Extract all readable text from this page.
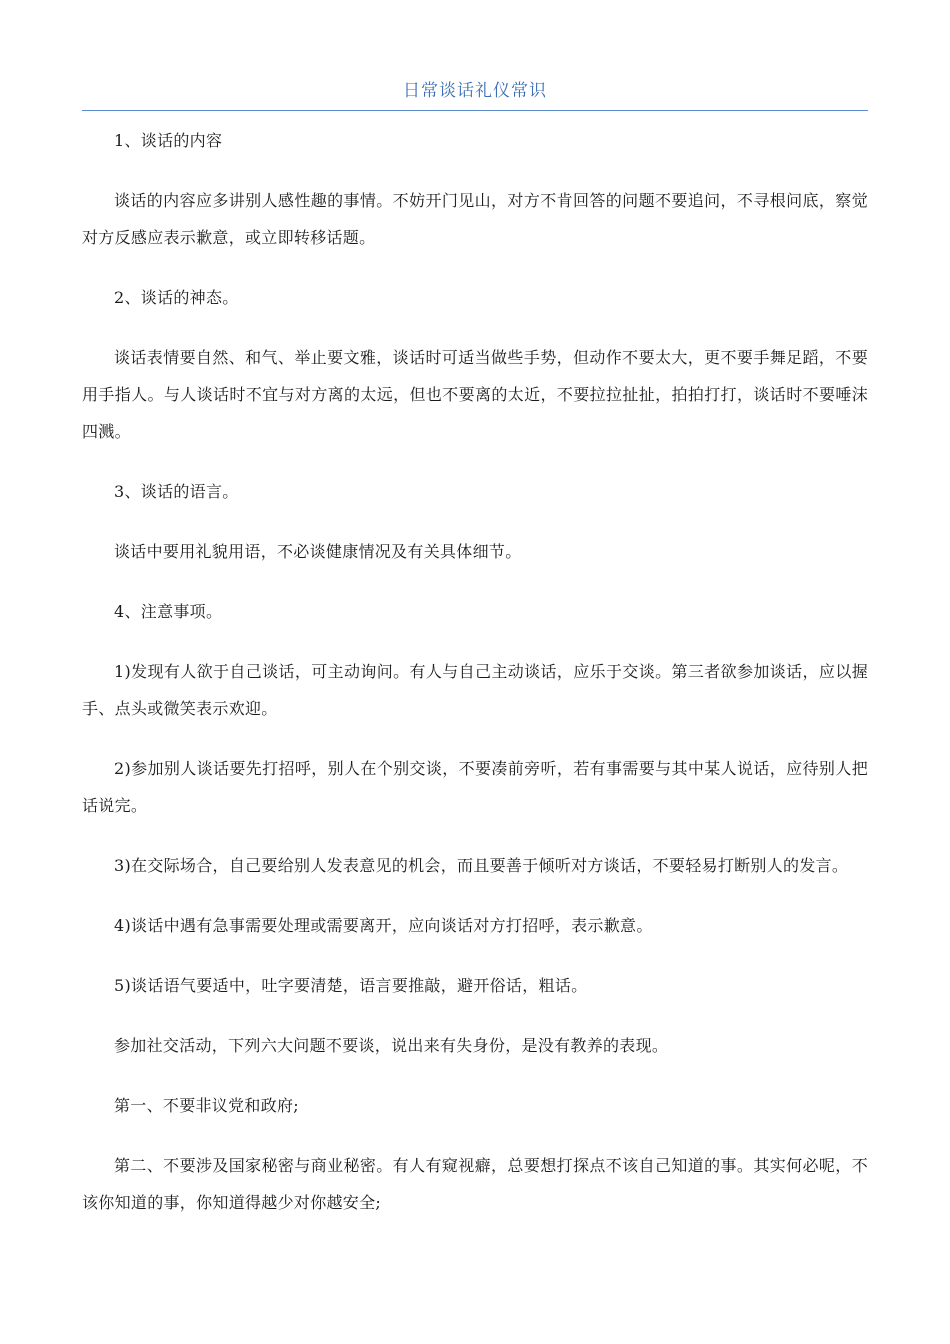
日常谈话礼仪常识

1、谈话的内容

谈话的内容应多讲别人感性趣的事情。不妨开门见山，对方不肯回答的问题不要追问，不寻根问底，察觉对方反感应表示歉意，或立即转移话题。

2、谈话的神态。

谈话表情要自然、和气、举止要文雅，谈话时可适当做些手势，但动作不要太大，更不要手舞足蹈，不要用手指人。与人谈话时不宜与对方离的太远，但也不要离的太近，不要拉拉扯扯，拍拍打打，谈话时不要唾沫四溅。

3、谈话的语言。

谈话中要用礼貌用语，不必谈健康情况及有关具体细节。

4、注意事项。

1)发现有人欲于自己谈话，可主动询问。有人与自己主动谈话，应乐于交谈。第三者欲参加谈话，应以握手、点头或微笑表示欢迎。

2)参加别人谈话要先打招呼，别人在个别交谈，不要凑前旁听，若有事需要与其中某人说话，应待别人把话说完。

3)在交际场合，自己要给别人发表意见的机会，而且要善于倾听对方谈话，不要轻易打断别人的发言。

4)谈话中遇有急事需要处理或需要离开，应向谈话对方打招呼，表示歉意。

5)谈话语气要适中，吐字要清楚，语言要推敲，避开俗话，粗话。

参加社交活动，下列六大问题不要谈，说出来有失身份，是没有教养的表现。

第一、不要非议党和政府;

第二、不要涉及国家秘密与商业秘密。有人有窥视癖，总要想打探点不该自己知道的事。其实何必呢，不该你知道的事，你知道得越少对你越安全;
